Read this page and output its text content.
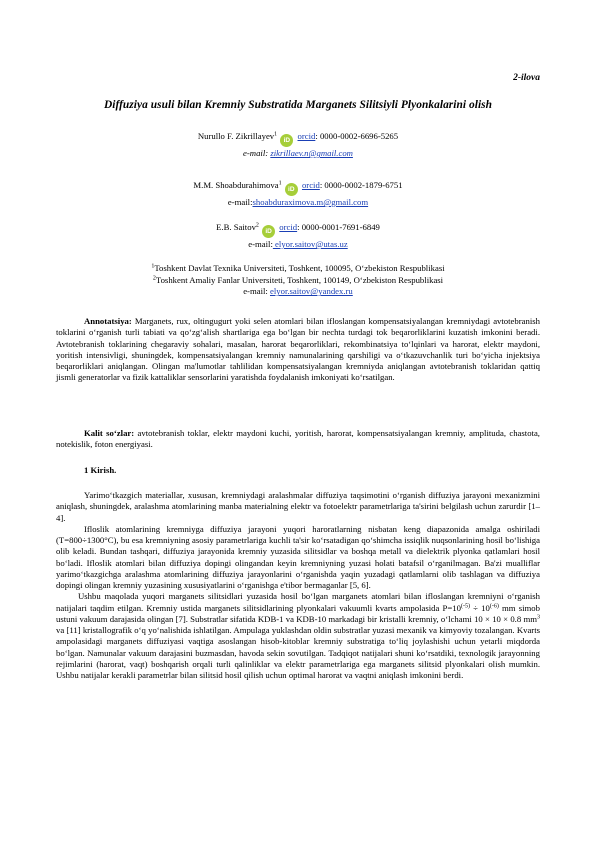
2-ilova
Diffuziya usuli bilan Kremniy Substratida Marganets Silitsiyli Plyonkalarini olish
Nurullo F. Zikrillayev$^1$ iD orcid: 0000-0002-6696-5265
e-mail: zikrillaev.n@gmail.com
M.M. Shoabdurahimova$^1$ iD orcid: 0000-0002-1879-6751
e-mail:shoabduraximova.m@gmail.com
E.B. Saitov$^2$ iD orcid: 0000-0001-7691-6849
e-mail: elyor.saitov@utas.uz
$^1$Toshkent Davlat Texnika Universiteti, Toshkent, 100095, O‘zbekiston Respublikasi
$^2$Toshkent Amaliy Fanlar Universiteti, Toshkent, 100149, O‘zbekiston Respublikasi
e-mail: elyor.saitov@yandex.ru

Annotatsiya: Marganets, rux, oltingugurt yoki selen atomlari bilan ifloslangan kompensatsiyalangan kremniydagi avtotebranish toklarini o‘rganish turli tabiati va qo‘zg‘alish shartlariga ega bo‘lgan bir nechta turdagi tok beqarorliklarini kuzatish imkonini beradi. Avtotebranish toklarining chegaraviy sohalari, masalan, harorat beqarorliklari, rekombinatsiya to‘lqinlari va harorat, elektr maydoni, yoritish intensivligi, shuningdek, kompensatsiyalangan kremniy namunalarining qarshiligi va o‘tkazuvchanlik turi bo‘yicha injektsiya beqarorliklari aniqlangan. Olingan ma'lumotlar tahlilidan kompensatsiyalangan kremniyda aniqlangan avtotebranish toklaridan qattiq jismli generatorlar va fizik kattaliklar sensorlarini yaratishda foydalanish imkoniyati ko‘rsatilgan.

Kalit so‘zlar: avtotebranish toklar, elektr maydoni kuchi, yoritish, harorat, kompensatsiyalangan kremniy, amplituda, chastota, notekislik, foton energiyasi.

1 Kirish.

Yarimo‘tkazgich materiallar, xususan, kremniydagi aralashmalar diffuziya taqsimotini o‘rganish diffuziya jarayoni mexanizmini aniqlash, shuningdek, aralashma atomlarining manba materialning elektr va fotoelektr parametrlariga ta'sirini belgilash uchun zarurdir [1–4].

Ifloslik atomlarining kremniyga diffuziya jarayoni yuqori haroratlarning nisbatan keng diapazonida amalga oshiriladi (T=800÷1300°C), bu esa kremniyning asosiy parametrlariga kuchli ta'sir ko‘rsatadigan qo‘shimcha issiqlik nuqsonlarining hosil bo‘lishiga olib keladi. Bundan tashqari, diffuziya jarayonida kremniy yuzasida silitsidlar va boshqa metall va dielektrik plyonka qatlamlari hosil bo‘ladi. Ifloslik atomlari bilan diffuziya dopingi olingandan keyin kremniyning yuzasi holati batafsil o‘rganilmagan. Ba'zi mualliflar yarimo‘tkazgichga aralashma atomlarining diffuziya jarayonlarini o‘rganishda yaqin yuzadagi qatlamlarni olib tashlagan va diffuziya dopingi olingan kremniy yuzasining xususiyatlarini o‘rganishga e'tibor bermaganlar [5, 6].

Ushbu maqolada yuqori marganets silitsidlari yuzasida hosil bo‘lgan marganets atomlari bilan ifloslangan kremniyni o‘rganish natijalari taqdim etilgan. Kremniy ustida marganets silitsidlarining plyonkalari vakuumli kvarts ampolasida $P=10^{(-5)} \div 10^{(-6)}$ mm simob ustuni vakuum darajasida olingan [7]. Substratlar sifatida KDB-1 va KDB-10 markadagi bir kristalli kremniy, o‘lchami 10 × 10 × 0.8 $mm^3$ va [11] kristallografik o‘q yo‘nalishida ishlatilgan. Ampulaga yuklashdan oldin substratlar yuzasi mexanik va kimyoviy tozalangan. Kvarts ampolasidagi marganets diffuziyasi vaqtiga asoslangan hisob-kitoblar kremniy substratiga to‘liq joylashishi uchun yetarli miqdorda bo‘lgan. Namunalar vakuum darajasini buzmasdan, havoda sekin sovutilgan. Tadqiqot natijalari shuni ko‘rsatdiki, texnologik jarayonning rejimlarini (harorat, vaqt) boshqarish orqali turli qalinliklar va elektr parametrlariga ega marganets silitsid plyonkalari olish mumkin. Ushbu natijalar kerakli parametrlar bilan silitsid hosil qilish uchun optimal harorat va vaqtni aniqlash imkonini berdi.
